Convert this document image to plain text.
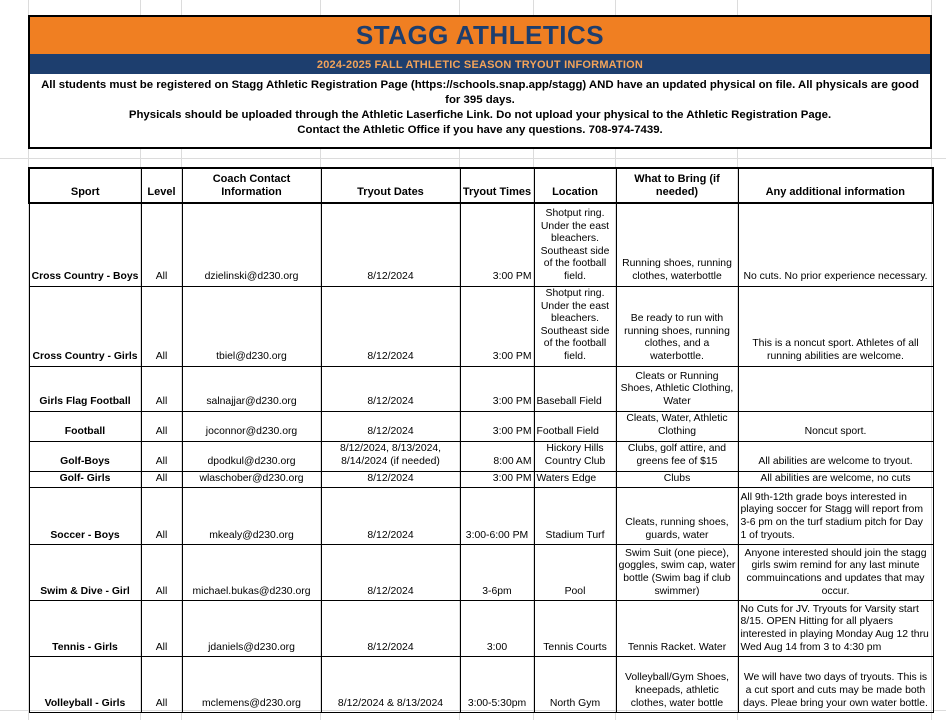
STAGG ATHLETICS
2024-2025 FALL ATHLETIC SEASON TRYOUT INFORMATION
All students must be registered on Stagg Athletic Registration Page (https://schools.snap.app/stagg) AND have an updated physical on file. All physicals are good for 395 days.
Physicals should be uploaded through the Athletic Laserfiche Link. Do not upload your physical to the Athletic Registration Page.
Contact the Athletic Office if you have any questions. 708-974-7439.
Sport	Level	Coach Contact Information	Tryout Dates	Tryout Times	Location	What to Bring (if needed)	Any additional information
Cross Country - Boys	All	dzielinski@d230.org	8/12/2024	3:00 PM	Shotput ring. Under the east bleachers. Southeast side of the football field.	Running shoes, running clothes, waterbottle	No cuts. No prior experience necessary.
Cross Country - Girls	All	tbiel@d230.org	8/12/2024	3:00 PM	Shotput ring. Under the east bleachers. Southeast side of the football field.	Be ready to run with running shoes, running clothes, and a waterbottle.	This is a noncut sport. Athletes of all running abilities are welcome.
Girls Flag Football	All	salnajjar@d230.org	8/12/2024	3:00 PM	Baseball Field	Cleats or Running Shoes, Athletic Clothing, Water	
Football	All	joconnor@d230.org	8/12/2024	3:00 PM	Football Field	Cleats, Water, Athletic Clothing	Noncut sport.
Golf-Boys	All	dpodkul@d230.org	8/12/2024, 8/13/2024, 8/14/2024 (if needed)	8:00 AM	Hickory Hills Country Club	Clubs, golf attire, and greens fee of $15	All abilities are welcome to tryout.
Golf- Girls	All	wlaschober@d230.org	8/12/2024	3:00 PM	Waters Edge	Clubs	All abilities are welcome, no cuts
Soccer - Boys	All	mkealy@d230.org	8/12/2024	3:00-6:00 PM	Stadium Turf	Cleats, running shoes, guards, water	All 9th-12th grade boys interested in playing soccer for Stagg will report from 3-6 pm on the turf stadium pitch for Day 1 of tryouts.
Swim & Dive - Girl	All	michael.bukas@d230.org	8/12/2024	3-6pm	Pool	Swim Suit (one piece), goggles, swim cap, water bottle (Swim bag if club swimmer)	Anyone interested should join the stagg girls swim remind for any last minute commuincations and updates that may occur.
Tennis - Girls	All	jdaniels@d230.org	8/12/2024	3:00	Tennis Courts	Tennis Racket. Water	No Cuts for JV. Tryouts for Varsity start 8/15. OPEN Hitting for all plyaers interested in playing Monday Aug 12 thru Wed Aug 14 from 3 to 4:30 pm
Volleyball - Girls	All	mclemens@d230.org	8/12/2024 & 8/13/2024	3:00-5:30pm	North Gym	Volleyball/Gym Shoes, kneepads, athletic clothes, water bottle	We will have two days of tryouts. This is a cut sport and cuts may be made both days. Pleae bring your own water bottle.
